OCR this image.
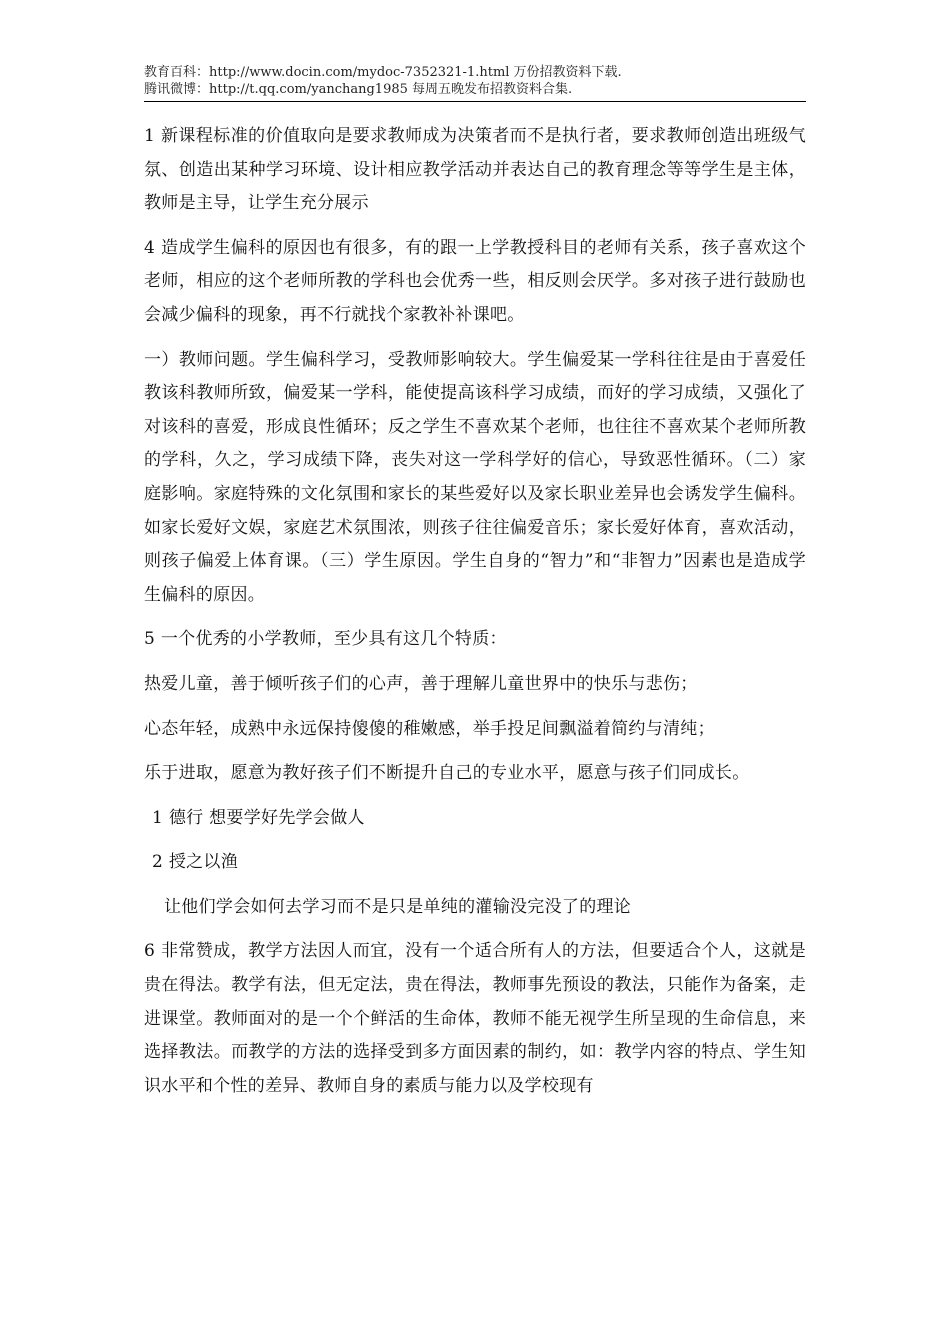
教育百科：http://www.docin.com/mydoc-7352321-1.html 万份招教资料下载.
腾讯微博：http://t.qq.com/yanchang1985 每周五晚发布招教资料合集.

1 新课程标准的价值取向是要求教师成为决策者而不是执行者，要求教师创造出班级气氛、创造出某种学习环境、设计相应教学活动并表达自己的教育理念等等学生是主体，教师是主导，让学生充分展示

4 造成学生偏科的原因也有很多，有的跟一上学教授科目的老师有关系，孩子喜欢这个老师，相应的这个老师所教的学科也会优秀一些，相反则会厌学。多对孩子进行鼓励也会减少偏科的现象，再不行就找个家教补补课吧。

一）教师问题。学生偏科学习，受教师影响较大。学生偏爱某一学科往往是由于喜爱任教该科教师所致，偏爱某一学科，能使提高该科学习成绩，而好的学习成绩，又强化了对该科的喜爱，形成良性循环；反之学生不喜欢某个老师，也往往不喜欢某个老师所教的学科，久之，学习成绩下降，丧失对这一学科学好的信心，导致恶性循环。（二）家庭影响。家庭特殊的文化氛围和家长的某些爱好以及家长职业差异也会诱发学生偏科。如家长爱好文娱，家庭艺术氛围浓，则孩子往往偏爱音乐；家长爱好体育，喜欢活动，则孩子偏爱上体育课。（三）学生原因。学生自身的“智力”和“非智力”因素也是造成学生偏科的原因。

5 一个优秀的小学教师，至少具有这几个特质：

热爱儿童，善于倾听孩子们的心声，善于理解儿童世界中的快乐与悲伤；

心态年轻，成熟中永远保持傻傻的稚嫩感，举手投足间飘溢着简约与清纯；

乐于进取，愿意为教好孩子们不断提升自己的专业水平，愿意与孩子们同成长。

1 德行 想要学好先学会做人

2 授之以渔

让他们学会如何去学习而不是只是单纯的灌输没完没了的理论

6 非常赞成，教学方法因人而宜，没有一个适合所有人的方法，但要适合个人，这就是贵在得法。教学有法，但无定法，贵在得法，教师事先预设的教法，只能作为备案，走进课堂。教师面对的是一个个鲜活的生命体，教师不能无视学生所呈现的生命信息，来选择教法。而教学的方法的选择受到多方面因素的制约，如：教学内容的特点、学生知识水平和个性的差异、教师自身的素质与能力以及学校现有
